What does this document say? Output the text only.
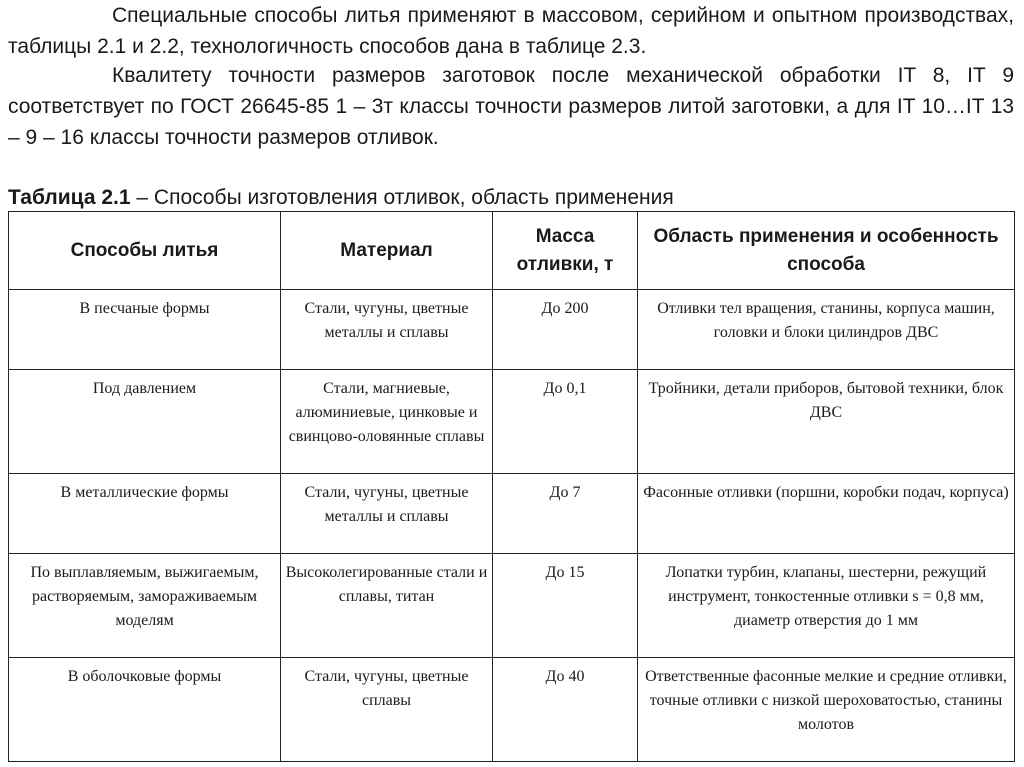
Специальные способы литья применяют в массовом, серийном и опытном производствах, таблицы 2.1 и 2.2, технологичность способов дана в таблице 2.3.

Квалитету точности размеров заготовок после механической обработки IT 8, IT 9 соответствует по ГОСТ 26645-85 1 – 3т классы точности размеров литой заготовки, а для IT 10…IT 13 – 9 – 16 классы точности размеров отливок.

Таблица 2.1 – Способы изготовления отливок, область применения

Способы литья	Материал	Масса отливки, т	Область применения и особенность способа
В песчаные формы	Стали, чугуны, цветные металлы и сплавы	До 200	Отливки тел вращения, станины, корпуса машин, головки и блоки цилиндров ДВС
Под давлением	Стали, магниевые, алюминиевые, цинковые и свинцово-оловянные сплавы	До 0,1	Тройники, детали приборов, бытовой техники, блок ДВС
В металлические формы	Стали, чугуны, цветные металлы и сплавы	До 7	Фасонные отливки (поршни, коробки подач, корпуса)
По выплавляемым, выжигаемым, растворяемым, замораживаемым моделям	Высоколегированные стали и сплавы, титан	До 15	Лопатки турбин, клапаны, шестерни, режущий инструмент, тонкостенные отливки s = 0,8 мм, диаметр отверстия до 1 мм
В оболочковые формы	Стали, чугуны, цветные сплавы	До 40	Ответственные фасонные мелкие и средние отливки, точные отливки с низкой шероховатостью, станины молотов
